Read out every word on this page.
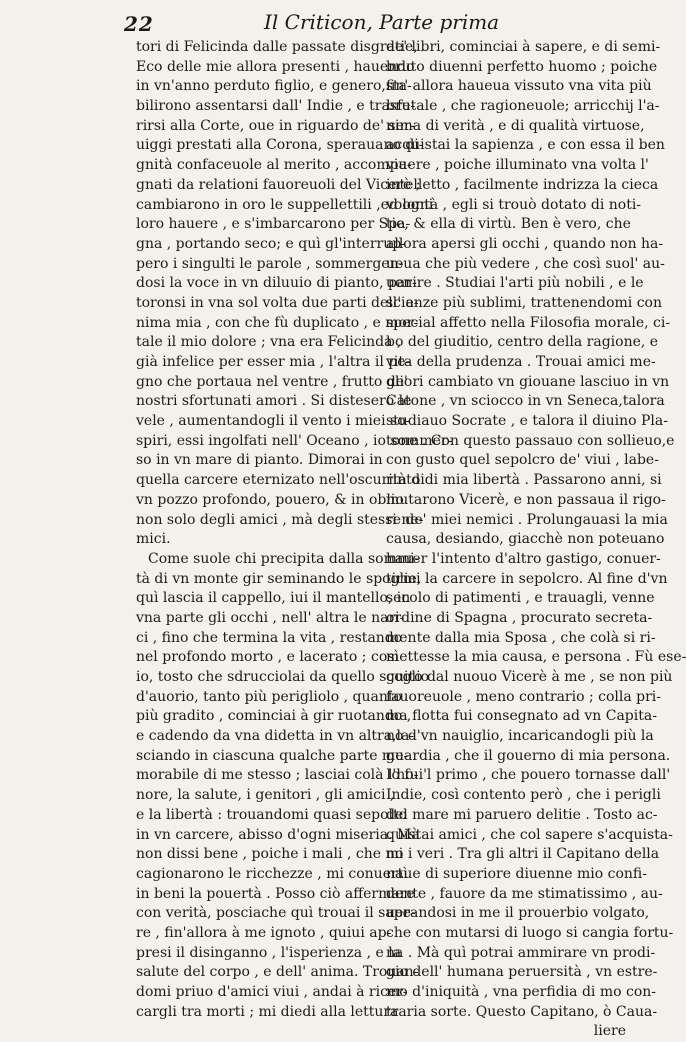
22	Il Criticon, Parte prima
tori di Felicinda dalle passate disgratie,
Eco delle mie allora presenti , hauendo
in vn'anno perduto figlio, e genero,sta-
bilirono assentarsi dall' Indie , e trasfe-
rirsi alla Corte, oue in riguardo de' ser-
uiggi prestati alla Corona, sperauano di-
gnità confaceuole al merito , accompa-
gnati da relationi fauoreuoli del Vicerè ;
cambiarono in oro le suppellettili ,ed ogni
loro hauere , e s'imbarcarono per Spa-
gna , portando seco; e quì gl'interrup-
pero i singulti le parole , sommergen-
dosi la voce in vn diluuio di pianto, par-
toronsi in vna sol volta due parti dell' a-
nima mia , con che fù duplicato , e mor-
tale il mio dolore ; vna era Felicinda ,
già infelice per esser mia , l'altra il pe-
gno che portaua nel ventre , frutto de'
nostri sfortunati amori . Si distesero le
vele , aumentandogli il vento i miei so-
spiri, essi ingolfati nell' Oceano , io sommer-
so in vn mare di pianto. Dimorai in
quella carcere eternizato nell'oscurità di
vn pozzo profondo, pouero, & in oblio
non solo degli amici , mà degli stessi ne-
mici.
Come suole chi precipita dalla sommi-
tà di vn monte gir seminando le spoglie,
quì lascia il cappello, iui il mantello, in
vna parte gli occhi , nell' altra le nari-
ci , fino che termina la vita , restando
nel profondo morto , e lacerato ; così
io, tosto che sdrucciolai da quello scoglio
d'auorio, tanto più perigliolo , quanto
più gradito , cominciai à gir ruotando ,
e cadendo da vna didetta in vn altra,la-
sciando in ciascuna qualche parte me-
morabile di me stesso ; lasciai colà l'ho-
nore, la salute, i genitori , gli amici ,
e la libertà : trouandomi quasi sepolto
in vn carcere, abisso d'ogni miseria. Mà
non dissi bene , poiche i mali , che mi
cagionarono le ricchezze , mi conuertì
in beni la pouertà . Posso ciò affermare
con verità, posciache quì trouai il sape-
re , fin'allora à me ignoto , quiui ap-
presi il disinganno , l'isperienza , e la
salute del corpo , e dell' anima. Trouan-
domi priuo d'amici viui , andai à ricer-
cargli tra morti ; mi diedi alla lettura
de' libri, cominciai à sapere, e di semi-
bruto diuenni perfetto huomo ; poiche
fin' allora haueua vissuto vna vita più
brutale , che ragioneuole; arricchij l'a-
nima di verità , e di qualità virtuose,
acquistai la sapienza , e con essa il ben
viuere , poiche illuminato vna volta l'
intelletto , facilmente indrizza la cieca
volontà , egli si trouò dotato di noti-
tie, & ella di virtù. Ben è vero, che
allora apersi gli occhi , quando non ha-
ueua che più vedere , che così suol' au-
uenire . Studiai l'arti più nobili , e le
scienze più sublimi, trattenendomi con
special affetto nella Filosofia morale, ci-
bo del giuditio, centro della ragione, e
vita della prudenza . Trouai amici me-
gliori cambiato vn giouane lasciuo in vn
Catone , vn sciocco in vn Seneca,talora
studiauo Socrate , e talora il diuino Pla-
tone . Con questo passauo con sollieuo,e
con gusto quel sepolcro de' viui , labe-
rinto di mia libertà . Passarono anni, si
mutarono Vicerè, e non passaua il rigo-
re de' miei nemici . Prolungauasi la mia
causa, desiando, giacchè non poteuano
hauer l'intento d'altro gastigo, conuer-
tirmi la carcere in sepolcro. Al fine d'vn
secolo di patimenti , e trauagli, venne
ordine di Spagna , procurato secreta-
mente dalla mia Sposa , che colà si ri-
mettesse la mia causa, e persona . Fù ese-
guito dal nuouo Vicerè à me , se non più
fauoreuole , meno contrario ; colla pri-
ma flotta fui consegnato ad vn Capita-
no d'vn nauiglio, incaricandogli più la
guardia , che il gouerno di mia persona.
Io fui'l primo , che pouero tornasse dall'
Indie, così contento però , che i perigli
del mare mi paruero delitie . Tosto ac-
quistai amici , che col sapere s'acquista-
no i veri . Tra gli altri il Capitano della
naue di superiore diuenne mio confi-
dente , fauore da me stimatissimo , au-
uerandosi in me il prouerbio volgato,
che con mutarsi di luogo si cangia fortu-
na . Mà quì potrai ammirare vn prodi-
gio dell' humana peruersità , vn estre-
mo d'iniquità , vna perfidia di mo con-
traria sorte. Questo Capitano, ò Caua-
liere
